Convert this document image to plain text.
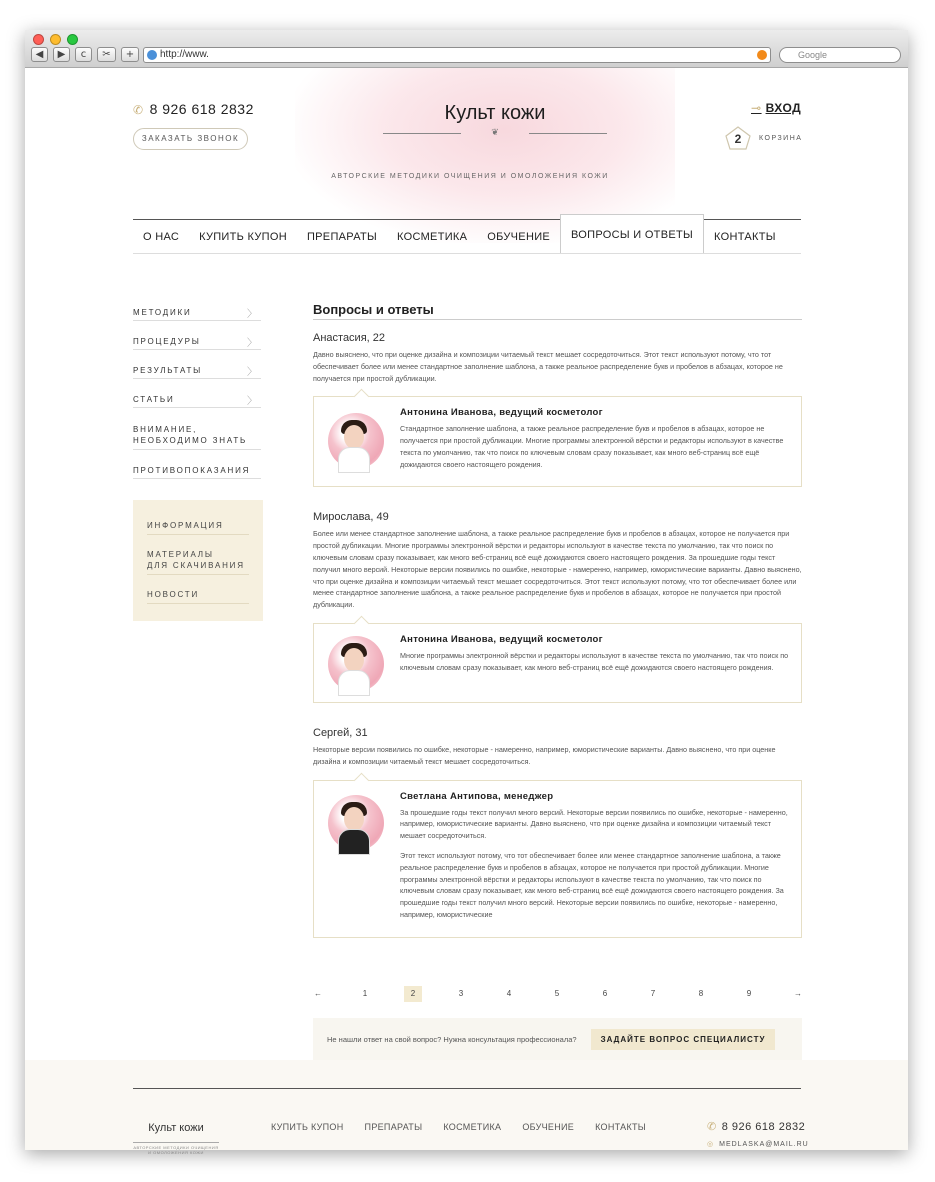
◀	▶	c	✂	+	http://www.	Google
✆ 8 926 618 2832
ЗАКАЗАТЬ ЗВОНОК
Культ кожи
❦
АВТОРСКИЕ МЕТОДИКИ ОЧИЩЕНИЯ И ОМОЛОЖЕНИЯ КОЖИ
⊸ ВХОД
2	КОРЗИНА
О НАС	КУПИТЬ КУПОН	ПРЕПАРАТЫ	КОСМЕТИКА	ОБУЧЕНИЕ	ВОПРОСЫ И ОТВЕТЫ	КОНТАКТЫ
МЕТОДИКИ	〉
ПРОЦЕДУРЫ	〉
РЕЗУЛЬТАТЫ	〉
СТАТЬИ	〉
ВНИМАНИЕ, НЕОБХОДИМО ЗНАТЬ
ПРОТИВОПОКАЗАНИЯ
ИНФОРМАЦИЯ
МАТЕРИАЛЫ
ДЛЯ СКАЧИВАНИЯ
НОВОСТИ
Вопросы и ответы
Анастасия, 22
Давно выяснено, что при оценке дизайна и композиции читаемый текст мешает сосредоточиться. Этот текст используют потому, что тот обеспечивает более или менее стандартное заполнение шаблона, а также реальное распределение букв и пробелов в абзацах, которое не получается при простой дубликации.
Антонина Иванова, ведущий косметолог
Стандартное заполнение шаблона, а также реальное распределение букв и пробелов в абзацах, которое не получается при простой дубликации. Многие программы электронной вёрстки и редакторы используют в качестве текста по умолчанию, так что поиск по ключевым словам сразу показывает, как много веб-страниц всё ещё дожидаются своего настоящего рождения.
Мирослава, 49
Более или менее стандартное заполнение шаблона, а также реальное распределение букв и пробелов в абзацах, которое не получается при простой дубликации. Многие программы электронной вёрстки и редакторы используют в качестве текста по умолчанию, так что поиск по ключевым словам сразу показывает, как много веб-страниц всё ещё дожидаются своего настоящего рождения. За прошедшие годы текст получил много версий. Некоторые версии появились по ошибке, некоторые - намеренно, например, юмористические варианты. Давно выяснено, что при оценке дизайна и композиции читаемый текст мешает сосредоточиться. Этот текст используют потому, что тот обеспечивает более или менее стандартное заполнение шаблона, а также реальное распределение букв и пробелов в абзацах, которое не получается при простой дубликации.
Антонина Иванова, ведущий косметолог
Многие программы электронной вёрстки и редакторы используют в качестве текста по умолчанию, так что поиск по ключевым словам сразу показывает, как много веб-страниц всё ещё дожидаются своего настоящего рождения.
Сергей, 31
Некоторые версии появились по ошибке, некоторые - намеренно, например, юмористические варианты. Давно выяснено, что при оценке дизайна и композиции читаемый текст мешает сосредоточиться.
Светлана Антипова, менеджер
За прошедшие годы текст получил много версий. Некоторые версии появились по ошибке, некоторые - намеренно, например, юмористические варианты. Давно выяснено, что при оценке дизайна и композиции читаемый текст мешает сосредоточиться.
Этот текст используют потому, что тот обеспечивает более или менее стандартное заполнение шаблона, а также реальное распределение букв и пробелов в абзацах, которое не получается при простой дубликации. Многие программы электронной вёрстки и редакторы используют в качестве текста по умолчанию, так что поиск по ключевым словам сразу показывает, как много веб-страниц всё ещё дожидаются своего настоящего рождения. За прошедшие годы текст получил много версий. Некоторые версии появились по ошибке, некоторые - намеренно, например, юмористические
←	1	2	3	4	5	6	7	8	9	→
Не нашли ответ на свой вопрос? Нужна консультация профессионала?	ЗАДАЙТЕ ВОПРОС СПЕЦИАЛИСТУ
Культ кожи
АВТОРСКИЕ МЕТОДИКИ ОЧИЩЕНИЯ И ОМОЛОЖЕНИЯ КОЖИ
КУПИТЬ КУПОН ПРЕПАРАТЫ КОСМЕТИКА ОБУЧЕНИЕ КОНТАКТЫ	✆ 8 926 618 2832
◎ MEDLASKA@MAIL.RU
